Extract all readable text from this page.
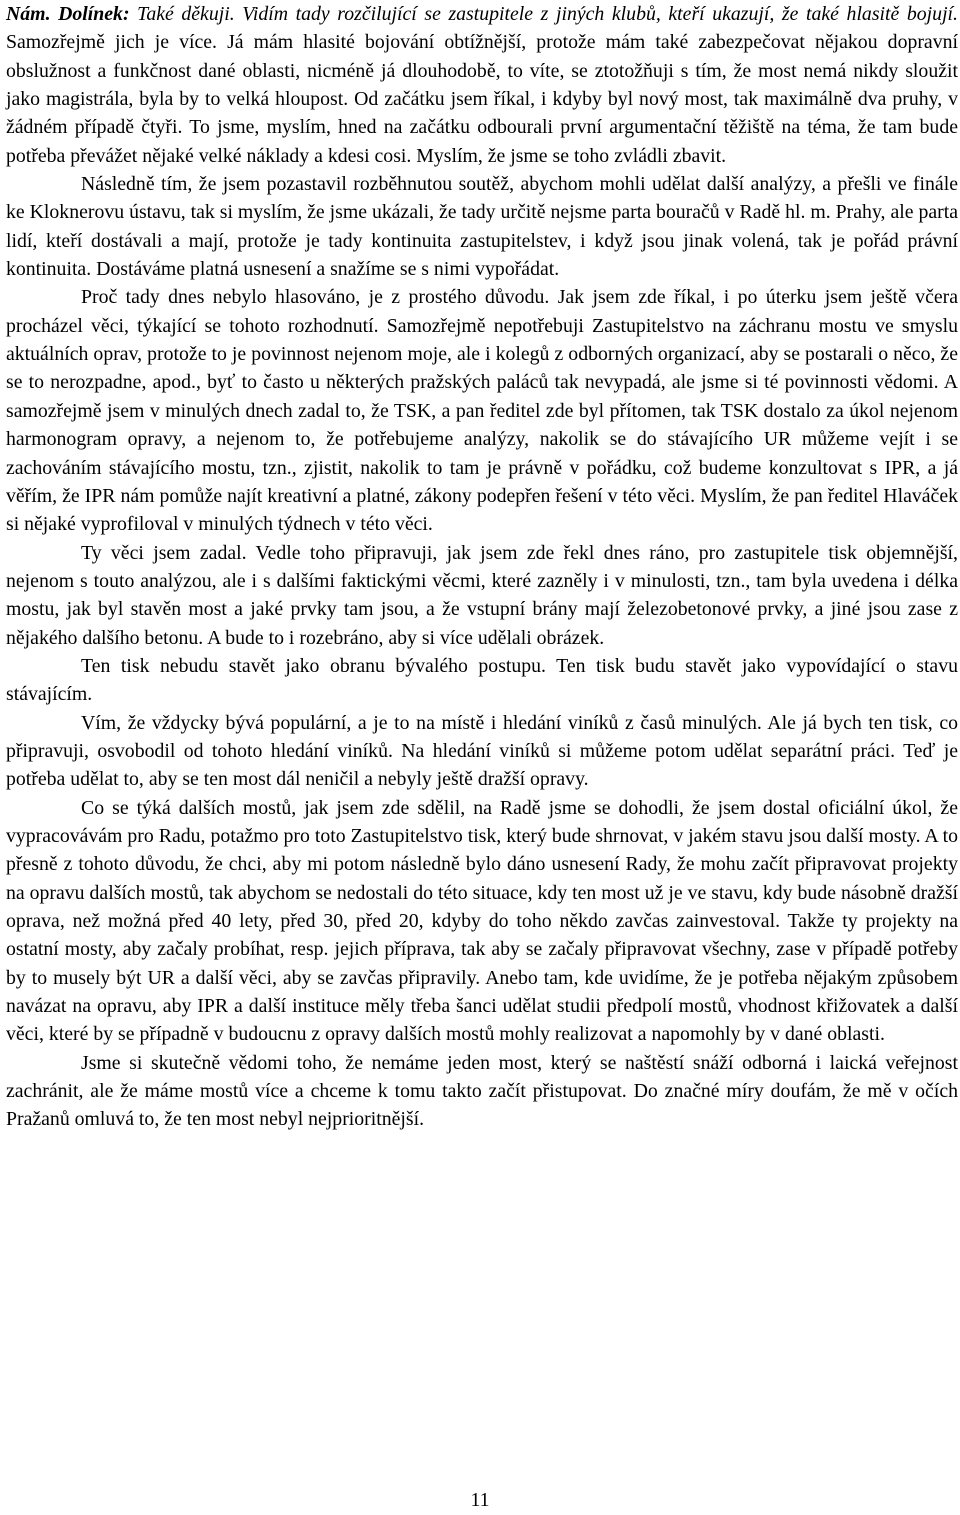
Nám. Dolínek: Také děkuji. Vidím tady rozčilující se zastupitele z jiných klubů, kteří ukazují, že také hlasitě bojují. Samozřejmě jich je více. Já mám hlasité bojování obtížnější, protože mám také zabezpečovat nějakou dopravní obslužnost a funkčnost dané oblasti, nicméně já dlouhodobě, to víte, se ztotožňuji s tím, že most nemá nikdy sloužit jako magistrála, byla by to velká hloupost. Od začátku jsem říkal, i kdyby byl nový most, tak maximálně dva pruhy, v žádném případě čtyři. To jsme, myslím, hned na začátku odbourali první argumentační těžiště na téma, že tam bude potřeba převážet nějaké velké náklady a kdesi cosi. Myslím, že jsme se toho zvládli zbavit.

Následně tím, že jsem pozastavil rozběhnutou soutěž, abychom mohli udělat další analýzy, a přešli ve finále ke Kloknerovu ústavu, tak si myslím, že jsme ukázali, že tady určitě nejsme parta bouračů v Radě hl. m. Prahy, ale parta lidí, kteří dostávali a mají, protože je tady kontinuita zastupitelstev, i když jsou jinak volená, tak je pořád právní kontinuita. Dostáváme platná usnesení a snažíme se s nimi vypořádat.

Proč tady dnes nebylo hlasováno, je z prostého důvodu. Jak jsem zde říkal, i po úterku jsem ještě včera procházel věci, týkající se tohoto rozhodnutí. Samozřejmě nepotřebuji Zastupitelstvo na záchranu mostu ve smyslu aktuálních oprav, protože to je povinnost nejenom moje, ale i kolegů z odborných organizací, aby se postarali o něco, že se to nerozpadne, apod., byť to často u některých pražských paláců tak nevypadá, ale jsme si té povinnosti vědomi. A samozřejmě jsem v minulých dnech zadal to, že TSK, a pan ředitel zde byl přítomen, tak TSK dostalo za úkol nejenom harmonogram opravy, a nejenom to, že potřebujeme analýzy, nakolik se do stávajícího UR můžeme vejít i se zachováním stávajícího mostu, tzn., zjistit, nakolik to tam je právně v pořádku, což budeme konzultovat s IPR, a já věřím, že IPR nám pomůže najít kreativní a platné, zákony podepřen řešení v této věci. Myslím, že pan ředitel Hlaváček si nějaké vyprofiloval v minulých týdnech v této věci.

Ty věci jsem zadal. Vedle toho připravuji, jak jsem zde řekl dnes ráno, pro zastupitele tisk objemnější, nejenom s touto analýzou, ale i s dalšími faktickými věcmi, které zazněly i v minulosti, tzn., tam byla uvedena i délka mostu, jak byl stavěn most a jaké prvky tam jsou, a že vstupní brány mají železobetonové prvky, a jiné jsou zase z nějakého dalšího betonu. A bude to i rozebráno, aby si více udělali obrázek.

Ten tisk nebudu stavět jako obranu bývalého postupu. Ten tisk budu stavět jako vypovídající o stavu stávajícím.

Vím, že vždycky bývá populární, a je to na místě i hledání viníků z časů minulých. Ale já bych ten tisk, co připravuji, osvobodil od tohoto hledání viníků. Na hledání viníků si můžeme potom udělat separátní práci. Teď je potřeba udělat to, aby se ten most dál neničil a nebyly ještě dražší opravy.

Co se týká dalších mostů, jak jsem zde sdělil, na Radě jsme se dohodli, že jsem dostal oficiální úkol, že vypracovávám pro Radu, potažmo pro toto Zastupitelstvo tisk, který bude shrnovat, v jakém stavu jsou další mosty. A to přesně z tohoto důvodu, že chci, aby mi potom následně bylo dáno usnesení Rady, že mohu začít připravovat projekty na opravu dalších mostů, tak abychom se nedostali do této situace, kdy ten most už je ve stavu, kdy bude násobně dražší oprava, než možná před 40 lety, před 30, před 20, kdyby do toho někdo zavčas zainvestoval. Takže ty projekty na ostatní mosty, aby začaly probíhat, resp. jejich příprava, tak aby se začaly připravovat všechny, zase v případě potřeby by to musely být UR a další věci, aby se zavčas připravily. Anebo tam, kde uvidíme, že je potřeba nějakým způsobem navázat na opravu, aby IPR a další instituce měly třeba šanci udělat studii předpolí mostů, vhodnost křižovatek a další věci, které by se případně v budoucnu z opravy dalších mostů mohly realizovat a napomohly by v dané oblasti.

Jsme si skutečně vědomi toho, že nemáme jeden most, který se naštěstí snáží odborná i laická veřejnost zachránit, ale že máme mostů více a chceme k tomu takto začít přistupovat. Do značné míry doufám, že mě v očích Pražanů omluvá to, že ten most nebyl nejprioritnější.

11
